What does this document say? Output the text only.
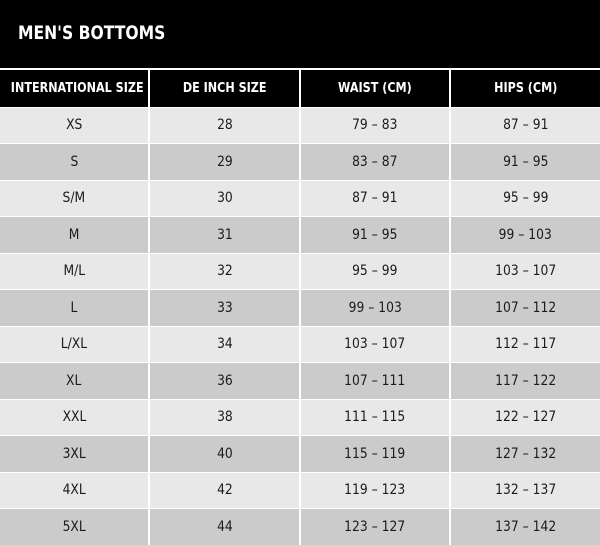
MEN'S BOTTOMS
INTERNATIONAL SIZE	DE INCH SIZE	WAIST (CM)	HIPS (CM)
XS	28	79 – 83	87 – 91
S	29	83 – 87	91 – 95
S/M	30	87 – 91	95 – 99
M	31	91 – 95	99 – 103
M/L	32	95 – 99	103 – 107
L	33	99 – 103	107 – 112
L/XL	34	103 – 107	112 – 117
XL	36	107 – 111	117 – 122
XXL	38	111 – 115	122 – 127
3XL	40	115 – 119	127 – 132
4XL	42	119 – 123	132 – 137
5XL	44	123 – 127	137 – 142
